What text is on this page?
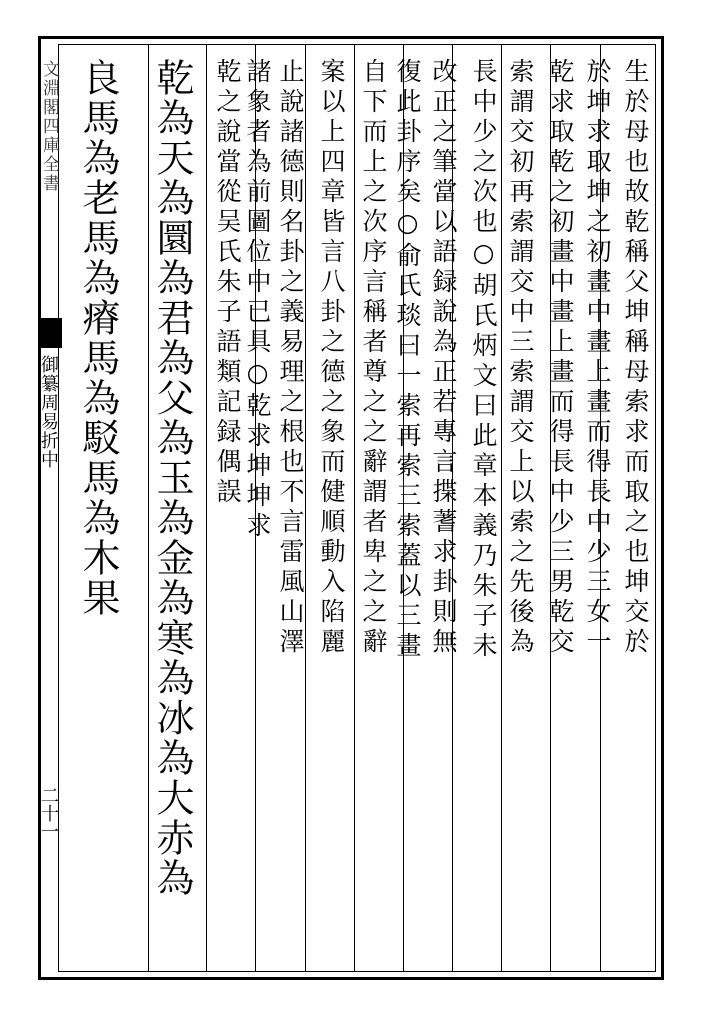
文淵閣四庫全書
御纂周易折中
二十一
良馬為老馬為瘠馬為駁馬為木果 乾為天為圜為君為父為玉為金為寒為冰為大赤為 乾之說當從吴氏朱子語類記録偶誤 諸象者為前圖位中已具○乾求坤坤求 止說諸德則名卦之義易理之根也不言雷風山澤 案以上四章皆言八卦之德之象而健順動入陷麗 自下而上之次序言稱者尊之之辭謂者卑之之辭 復此卦序矣○俞氏琰曰一索再索三索蓋以三畫 改正之筆當以語録說為正若專言揲蓍求卦則無 長中少之次也○胡氏炳文曰此章本義乃朱子未 索謂交初再索謂交中三索謂交上以索之先後為 乾求取乾之初畫中畫上畫而得長中少三男乾交 於坤求取坤之初畫中畫上畫而得長中少三女一 生於母也故乾稱父坤稱母索求而取之也坤交於
